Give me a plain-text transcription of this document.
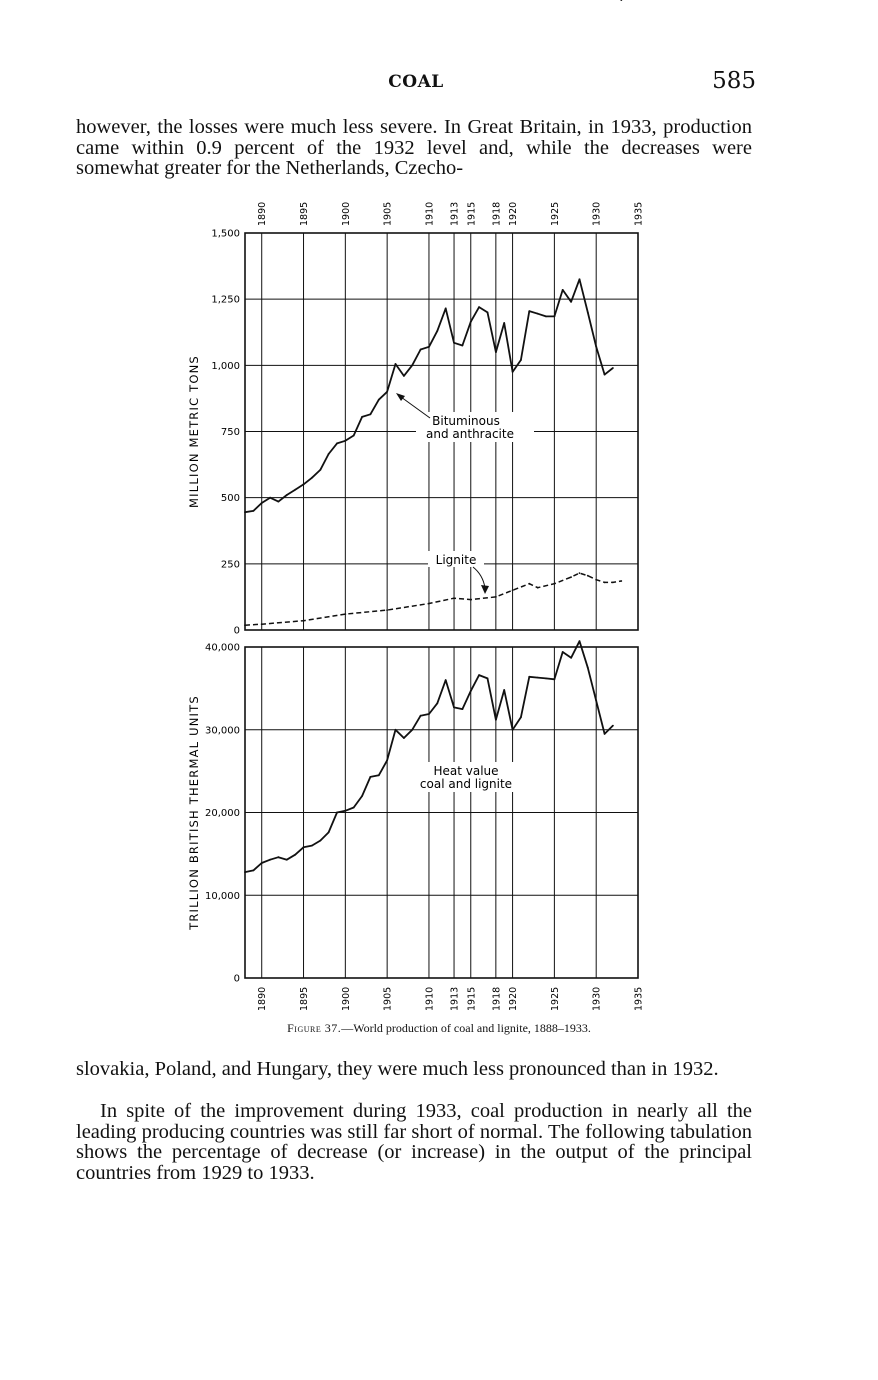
COAL	585

however, the losses were much less severe. In Great Britain, in 1933, production came within 0.9 percent of the 1932 level and, while the decreases were somewhat greater for the Netherlands, Czecho-

0
250
500
750
1,000
1,250
1,500
MILLION METRIC TONS
0
10,000
20,000
30,000
40,000
TRILLION BRITISH THERMAL UNITS
1890
1890
1895
1895
1900
1900
1905
1905
1910
1910
1913
1913
1915
1915
1918
1918
1920
1920
1925
1925
1930
1930
1935
1935
Bituminous and anthracite
Lignite
Heat value
coal and lignite
Figure 37.—World production of coal and lignite, 1888–1933.

slovakia, Poland, and Hungary, they were much less pronounced than in 1932.

In spite of the improvement during 1933, coal production in nearly all the leading producing countries was still far short of normal. The following tabulation shows the percentage of decrease (or increase) in the output of the principal countries from 1929 to 1933.
